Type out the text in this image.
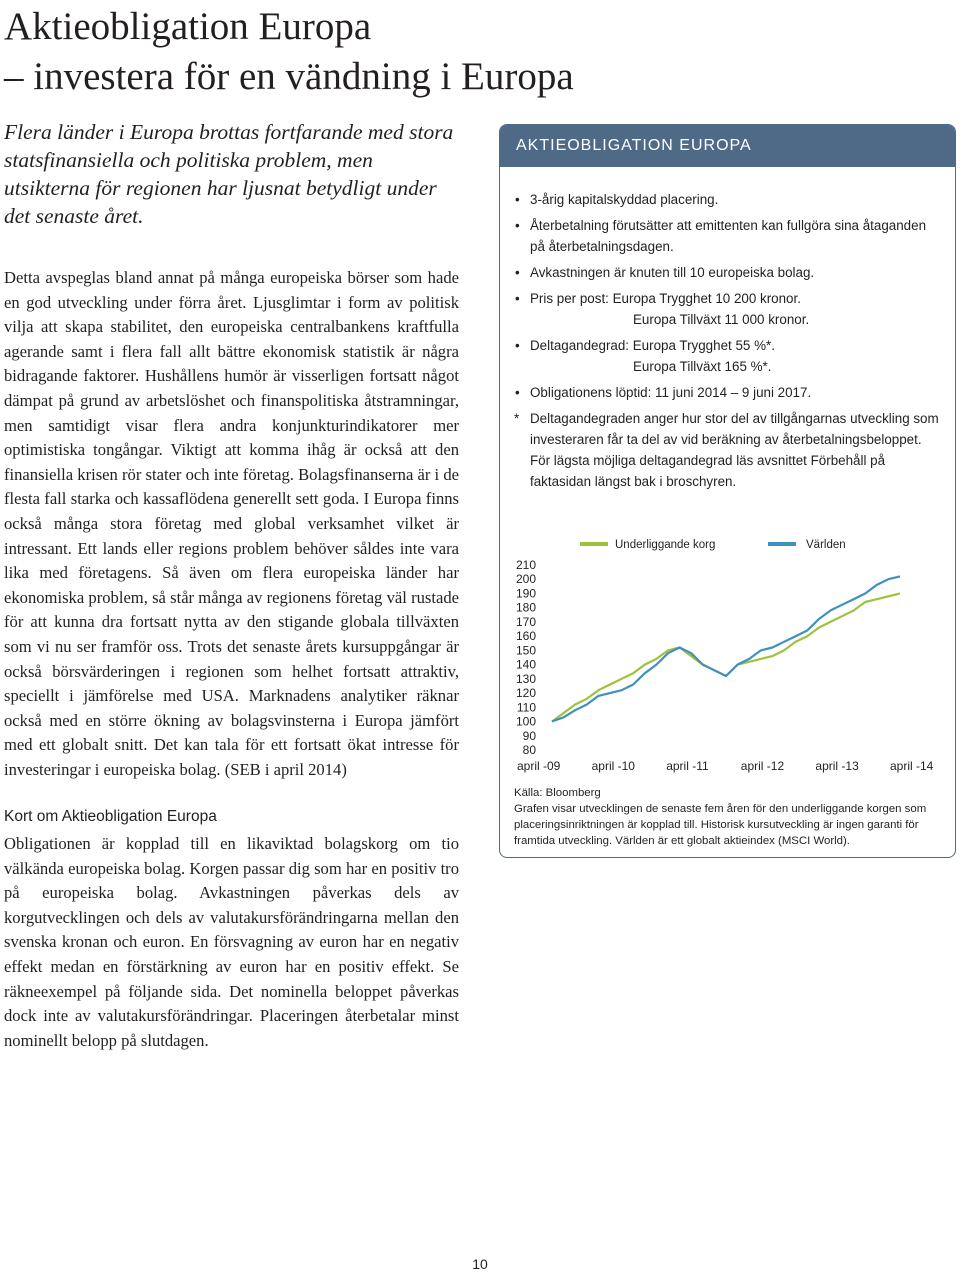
Aktieobligation Europa
– investera för en vändning i Europa

Flera länder i Europa brottas fortfarande med stora statsfinansiella och politiska problem, men utsikterna för regionen har ljusnat betydligt under det senaste året.

Detta avspeglas bland annat på många europeiska börser som hade en god utveckling under förra året. Ljusglimtar i form av politisk vilja att skapa stabilitet, den europeiska centralbankens kraftfulla agerande samt i flera fall allt bättre ekonomisk statistik är några bidragande faktorer. Hushållens humör är visserligen fortsatt något dämpat på grund av arbetslöshet och finanspolitiska åtstramningar, men samtidigt visar flera andra konjunkturindikatorer mer optimistiska tongångar. Viktigt att komma ihåg är också att den finansiella krisen rör stater och inte företag. Bolagsfinanserna är i de flesta fall starka och kassaflödena generellt sett goda. I Europa finns också många stora företag med global verksamhet vilket är intressant. Ett lands eller regions problem behöver såldes inte vara lika med företagens. Så även om flera europeiska länder har ekonomiska problem, så står många av regionens företag väl rustade för att kunna dra fortsatt nytta av den stigande globala tillväxten som vi nu ser framför oss. Trots det senaste årets kursuppgångar är också börsvärderingen i regionen som helhet fortsatt attraktiv, speciellt i jämförelse med USA. Marknadens analytiker räknar också med en större ökning av bolagsvinsterna i Europa jämfört med ett globalt snitt. Det kan tala för ett fortsatt ökat intresse för investeringar i europeiska bolag. (SEB i april 2014)

Kort om Aktieobligation Europa

Obligationen är kopplad till en likaviktad bolagskorg om tio välkända europeiska bolag. Korgen passar dig som har en positiv tro på europeiska bolag. Avkastningen påverkas dels av korgutvecklingen och dels av valutakursförändringarna mellan den svenska kronan och euron. En försvagning av euron har en negativ effekt medan en förstärkning av euron har en positiv effekt. Se räkneexempel på följande sida. Det nominella beloppet påverkas dock inte av valutakursförändringar. Placeringen återbetalar minst nominellt belopp på slutdagen.

AKTIEOBLIGATION EUROPA
• 3-årig kapitalskyddad placering.
• Återbetalning förutsätter att emittenten kan fullgöra sina åtaganden på återbetalningsdagen.
• Avkastningen är knuten till 10 europeiska bolag.
• Pris per post: Europa Trygghet 10 200 kronor.
Europa Tillväxt 11 000 kronor.
• Deltagandegrad: Europa Trygghet 55 %*.
Europa Tillväxt 165 %*.
• Obligationens löptid: 11 juni 2014 – 9 juni 2017.
* Deltagandegraden anger hur stor del av tillgångarnas utveckling som investeraren får ta del av vid beräkning av återbetalningsbeloppet. För lägsta möjliga deltagandegrad läs avsnittet Förbehåll på faktasidan längst bak i broschyren.
Underliggande korg	Världen
210
200
190
180
170
160
150
140
130
120
110
100
90
80
april -09	april -10	april -11	april -12	april -13	april -14

Källa: Bloomberg
Grafen visar utvecklingen de senaste fem åren för den underliggande korgen som placeringsinriktningen är kopplad till. Historisk kursutveckling är ingen garanti för framtida utveckling. Världen är ett globalt aktieindex (MSCI World).

10
